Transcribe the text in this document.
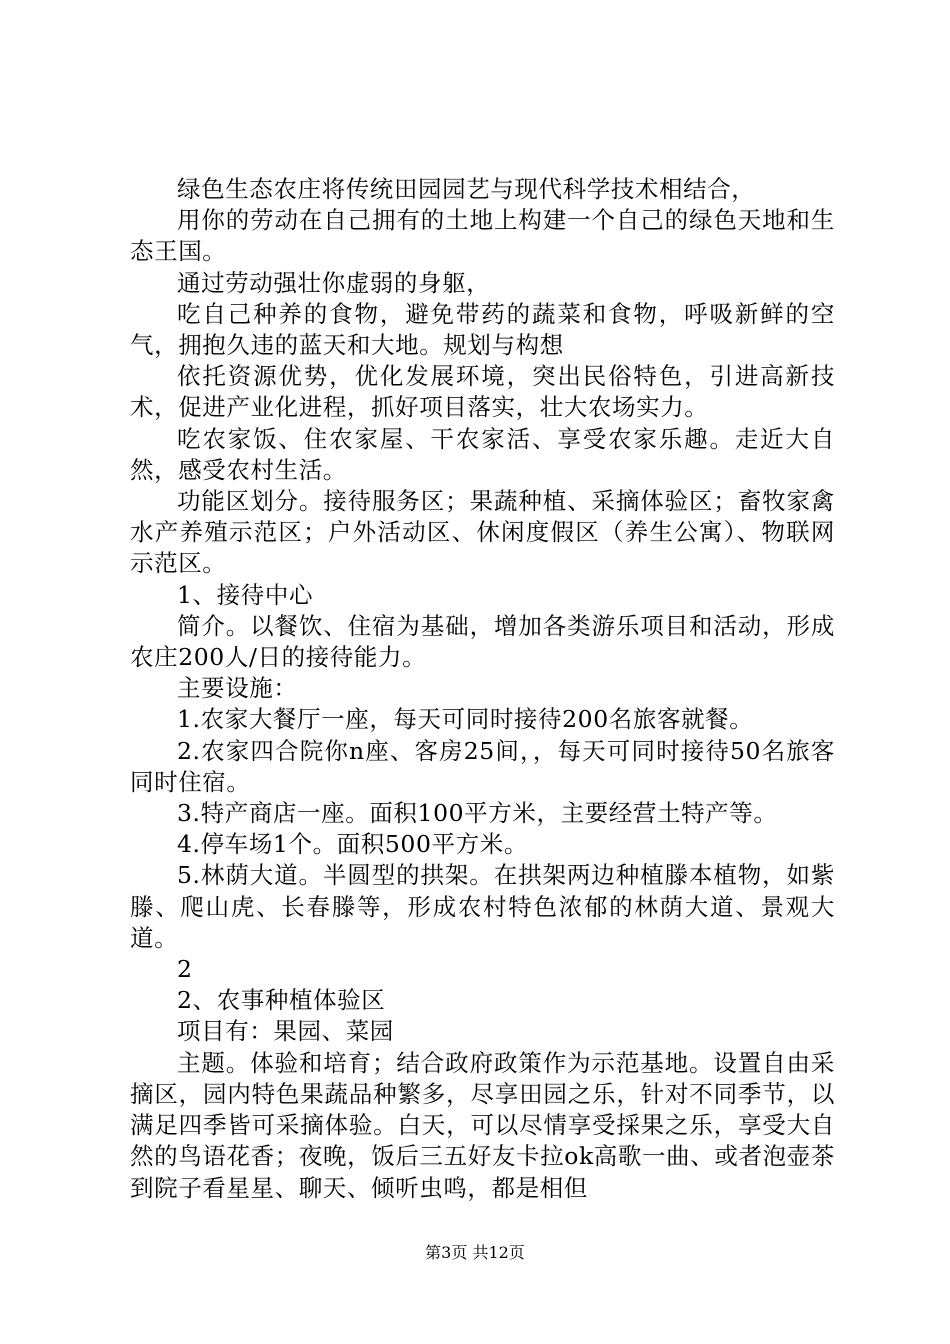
绿色生态农庄将传统田园园艺与现代科学技术相结合，

用你的劳动在自己拥有的土地上构建一个自己的绿色天地和生态王国。

通过劳动强壮你虚弱的身躯，

吃自己种养的食物，避免带药的蔬菜和食物，呼吸新鲜的空气，拥抱久违的蓝天和大地。规划与构想

依托资源优势，优化发展环境，突出民俗特色，引进高新技术，促进产业化进程，抓好项目落实，壮大农场实力。

吃农家饭、住农家屋、干农家活、享受农家乐趣。走近大自然，感受农村生活。

功能区划分。接待服务区；果蔬种植、采摘体验区；畜牧家禽水产养殖示范区；户外活动区、休闲度假区（养生公寓）、物联网示范区。

1、接待中心

简介。以餐饮、住宿为基础，增加各类游乐项目和活动，形成农庄200人/日的接待能力。

主要设施：

1.农家大餐厅一座，每天可同时接待200名旅客就餐。

2.农家四合院你n座、客房25间，，每天可同时接待50名旅客同时住宿。

3.特产商店一座。面积100平方米，主要经营土特产等。

4.停车场1个。面积500平方米。

5.林荫大道。半圆型的拱架。在拱架两边种植滕本植物，如紫滕、爬山虎、长春滕等，形成农村特色浓郁的林荫大道、景观大道。

2

2、农事种植体验区

项目有：果园、菜园

主题。体验和培育；结合政府政策作为示范基地。设置自由采摘区，园内特色果蔬品种繁多，尽享田园之乐，针对不同季节，以满足四季皆可采摘体验。白天，可以尽情享受採果之乐，享受大自然的鸟语花香；夜晚，饭后三五好友卡拉ok高歌一曲、或者泡壶茶到院子看星星、聊天、倾听虫鸣，都是相但

第3页 共12页
